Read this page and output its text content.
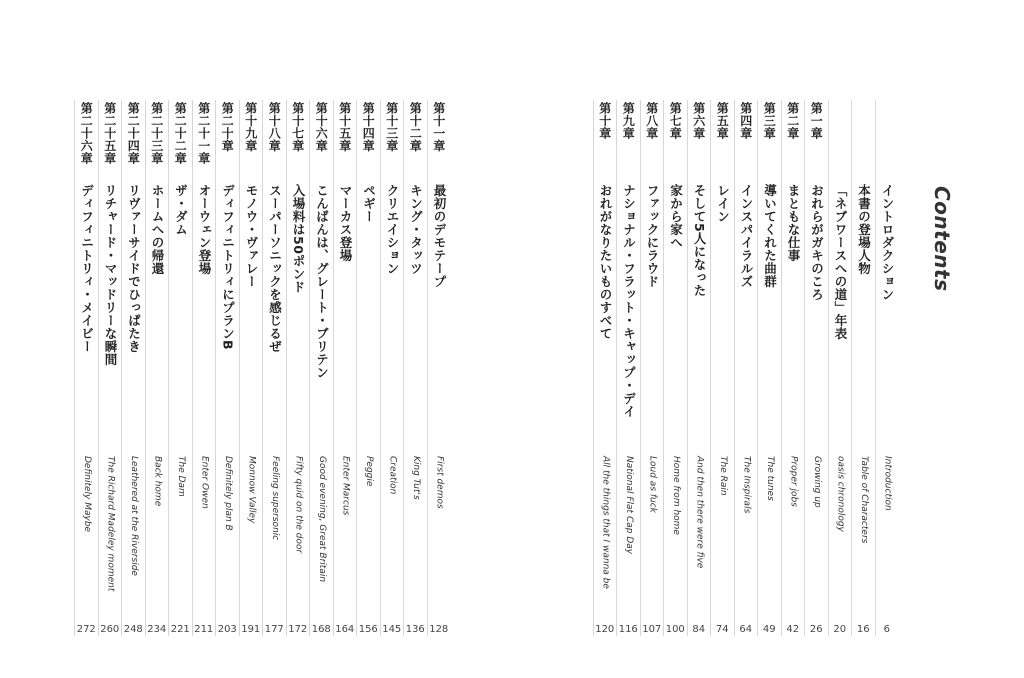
第十一章
最初のデモテープ
First demos
128
第十二章
キング・タッツ
King Tut's
136
第十三章
クリエイション
Creation
145
第十四章
ペギー
Peggie
156
第十五章
マーカス登場
Enter Marcus
164
第十六章
こんばんは、グレート・ブリテン
Good evening, Great Britain
168
第十七章
入場料は50ポンド
Fifty quid on the door
172
第十八章
スーパーソニックを感じるぜ
Feeling supersonic
177
第十九章
モノウ・ヴァレー
Monnow Valley
191
第二十章
ディフィニトリィにプランB
Definitely plan B
203
第二十一章
オーウェン登場
Enter Owen
211
第二十二章
ザ・ダム
The Dam
221
第二十三章
ホームへの帰還
Back home
234
第二十四章
リヴァーサイドでひっぱたき
Leathered at the Riverside
248
第二十五章
リチャード・マッドリーな瞬間
The Richard Madeley moment
260
第二十六章
ディフィニトリィ・メイビー
Definitely Maybe
272
イントロダクション
Introduction
6
本書の登場人物
Table of Characters
16
「ネブワースへの道」年表
oasis chronology
20
第一章
おれらがガキのころ
Growing up
26
第二章
まともな仕事
Proper jobs
42
第三章
導いてくれた曲群
The tunes
49
第四章
インスパイラルズ
The Inspirals
64
第五章
レイン
The Rain
74
第六章
そして5人になった
And then there were five
84
第七章
家から家へ
Home from home
100
第八章
ファックにラウド
Loud as fuck
107
第九章
ナショナル・フラット・キャップ・デイ
National Flat Cap Day
116
第十章
おれがなりたいものすべて
All the things that I wanna be
120
Contents
